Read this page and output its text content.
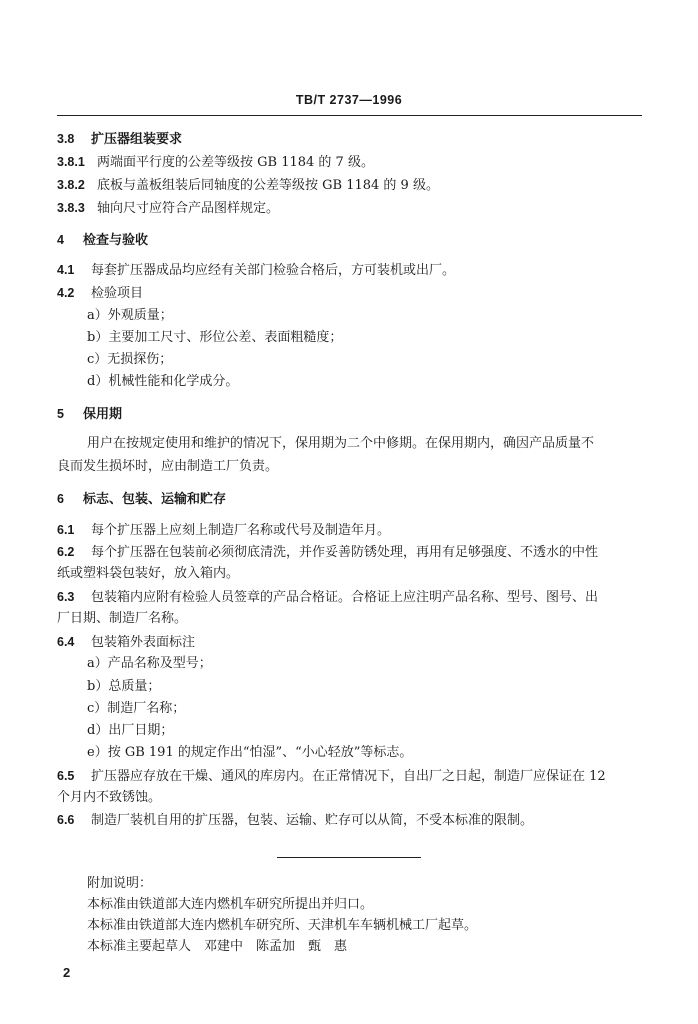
TB/T 2737—1996
3.8 扩压器组装要求
3.8.1 两端面平行度的公差等级按 GB 1184 的 7 级。
3.8.2 底板与盖板组装后同轴度的公差等级按 GB 1184 的 9 级。
3.8.3 轴向尺寸应符合产品图样规定。
4 检查与验收
4.1 每套扩压器成品均应经有关部门检验合格后，方可装机或出厂。
4.2 检验项目
a）外观质量；
b）主要加工尺寸、形位公差、表面粗糙度；
c）无损探伤；
d）机械性能和化学成分。
5 保用期
用户在按规定使用和维护的情况下，保用期为二个中修期。在保用期内，确因产品质量不
良而发生损坏时，应由制造工厂负责。
6 标志、包装、运输和贮存
6.1 每个扩压器上应刻上制造厂名称或代号及制造年月。
6.2 每个扩压器在包装前必须彻底清洗，并作妥善防锈处理，再用有足够强度、不透水的中性
纸或塑料袋包装好，放入箱内。
6.3 包装箱内应附有检验人员签章的产品合格证。合格证上应注明产品名称、型号、图号、出
厂日期、制造厂名称。
6.4 包装箱外表面标注
a）产品名称及型号；
b）总质量；
c）制造厂名称；
d）出厂日期；
e）按 GB 191 的规定作出“怕湿”、“小心轻放”等标志。
6.5 扩压器应存放在干燥、通风的库房内。在正常情况下，自出厂之日起，制造厂应保证在 12
个月内不致锈蚀。
6.6 制造厂装机自用的扩压器，包装、运输、贮存可以从简，不受本标准的限制。
附加说明：
本标准由铁道部大连内燃机车研究所提出并归口。
本标准由铁道部大连内燃机车研究所、天津机车车辆机械工厂起草。
本标准主要起草人　邓建中　陈孟加　甄　惠
2
